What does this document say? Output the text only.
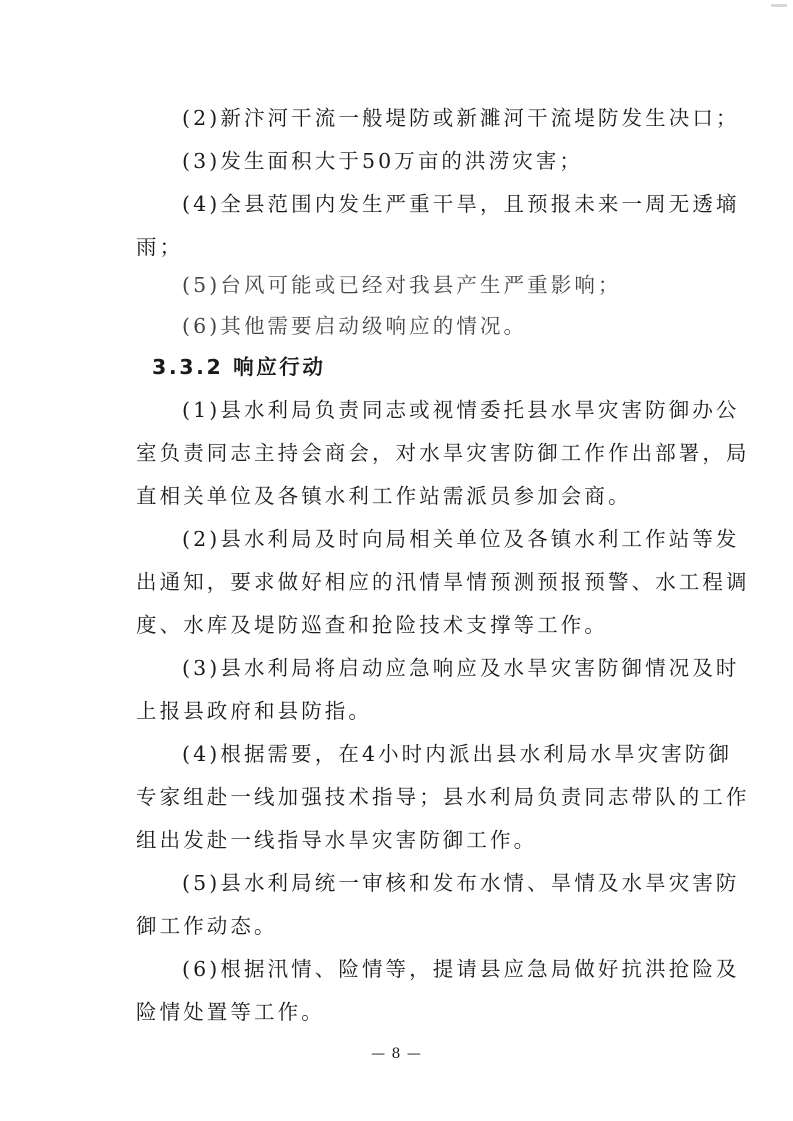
(2)新汴河干流一般堤防或新濉河干流堤防发生决口；
(3)发生面积大于50万亩的洪涝灾害；
(4)全县范围内发生严重干旱，且预报未来一周无透墒
雨；
(5)台风可能或已经对我县产生严重影响；
(6)其他需要启动级响应的情况。
3.3.2 响应行动
(1)县水利局负责同志或视情委托县水旱灾害防御办公
室负责同志主持会商会，对水旱灾害防御工作作出部署，局
直相关单位及各镇水利工作站需派员参加会商。
(2)县水利局及时向局相关单位及各镇水利工作站等发
出通知，要求做好相应的汛情旱情预测预报预警、水工程调
度、水库及堤防巡查和抢险技术支撑等工作。
(3)县水利局将启动应急响应及水旱灾害防御情况及时
上报县政府和县防指。
(4)根据需要，在4小时内派出县水利局水旱灾害防御
专家组赴一线加强技术指导；县水利局负责同志带队的工作
组出发赴一线指导水旱灾害防御工作。
(5)县水利局统一审核和发布水情、旱情及水旱灾害防
御工作动态。
(6)根据汛情、险情等，提请县应急局做好抗洪抢险及
险情处置等工作。
— 8 —
